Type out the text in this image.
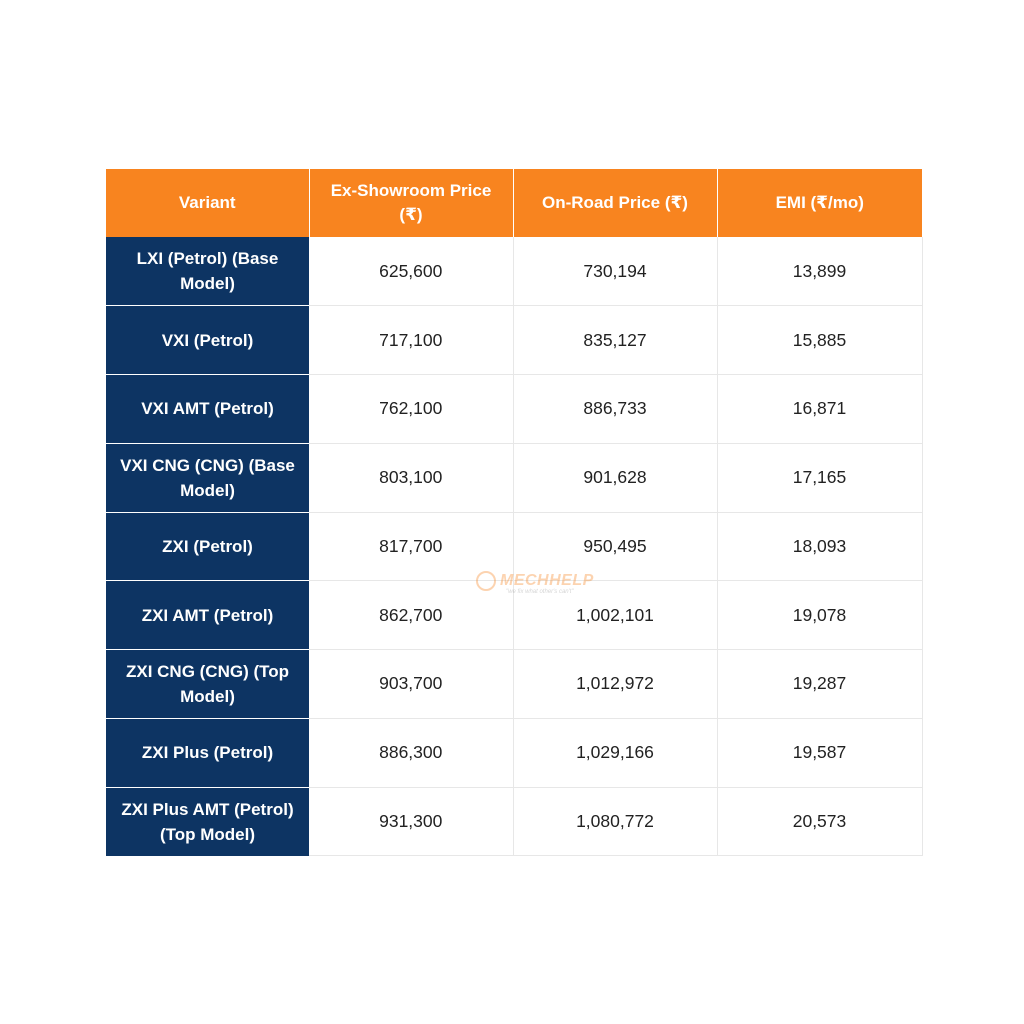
Variant	Ex-Showroom Price (₹)	On-Road Price (₹)	EMI (₹/mo)
LXI (Petrol) (Base Model)	625,600	730,194	13,899
VXI (Petrol)	717,100	835,127	15,885
VXI AMT (Petrol)	762,100	886,733	16,871
VXI CNG (CNG) (Base Model)	803,100	901,628	17,165
ZXI (Petrol)	817,700	950,495	18,093
ZXI AMT (Petrol)	862,700	1,002,101	19,078
ZXI CNG (CNG) (Top Model)	903,700	1,012,972	19,287
ZXI Plus (Petrol)	886,300	1,029,166	19,587
ZXI Plus AMT (Petrol) (Top Model)	931,300	1,080,772	20,573
MECHHELP
"we fix what other's can't"
